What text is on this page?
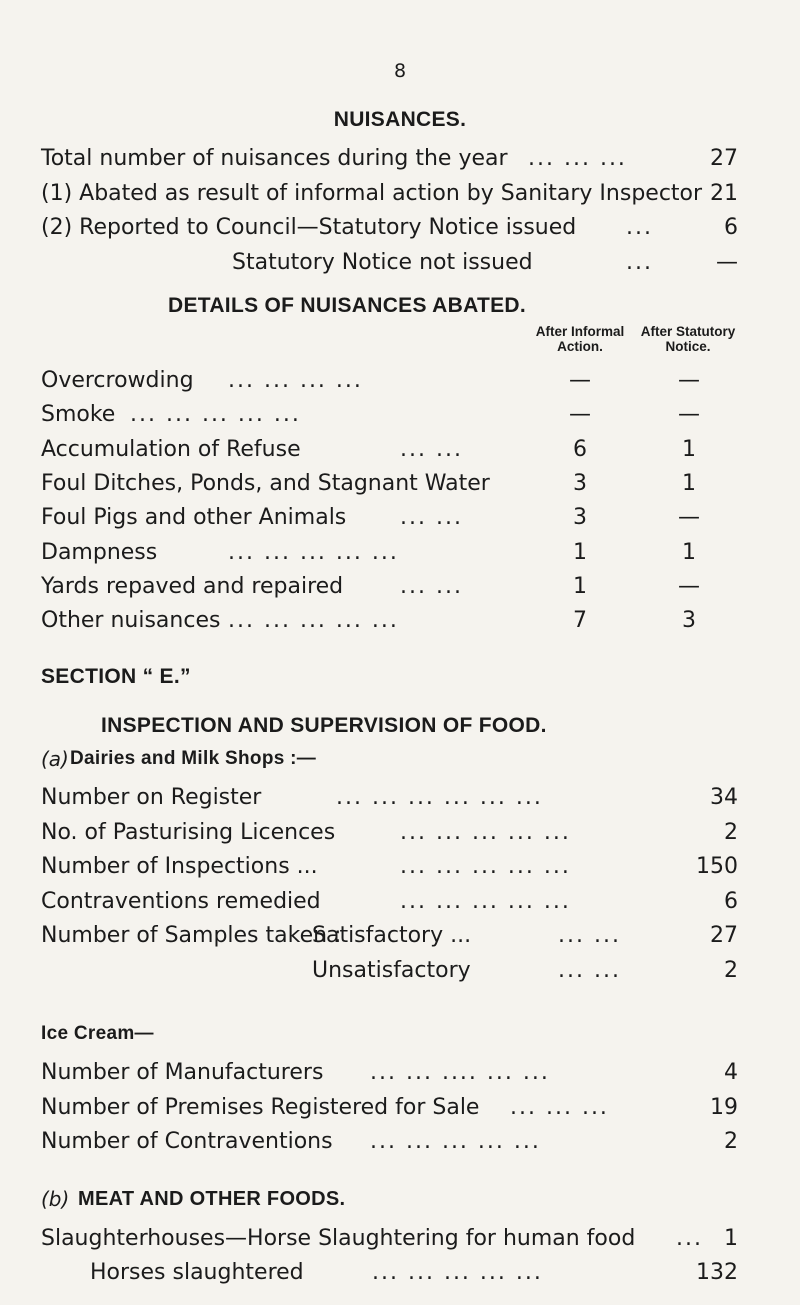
8
NUISANCES.
Total number of nuisances during the year ... ... ...	27
(1) Abated as result of informal action by Sanitary Inspector 21
(2) Reported to Council—Statutory Notice issued ...	6
Statutory Notice not issued	...	—
DETAILS OF NUISANCES ABATED.
After Informal
Action.
After Statutory
Notice.
Overcrowding ... ... ... ...	—	—
Smoke ... ... ... ... ...	—	—
Accumulation of Refuse	... ...	6	1
Foul Ditches, Ponds, and Stagnant Water	3	1
Foul Pigs and other Animals ... ...	3	—
Dampness	... ... ... ... ...	1	1
Yards repaved and repaired	... ...	1	—
Other nuisances ... ... ... ... ...	7	3
SECTION “ E.”
INSPECTION AND SUPERVISION OF FOOD.
(a) Dairies and Milk Shops :—
Number on Register	... ... ... ... ... ...	34
No. of Pasturising Licences	... ... ... ... ...	2
Number of Inspections ...	... ... ... ... ...	150
Contraventions remedied	... ... ... ... ...	6
Number of Samples taken :
Satisfactory ...	... ...	27
Unsatisfactory	... ...	2
Ice Cream—
Number of Manufacturers ... ... .... ... ...	4
Number of Premises Registered for Sale ... ... ...	19
Number of Contraventions ... ... ... ... ...	2
(b) MEAT AND OTHER FOODS.
Slaughterhouses—Horse Slaughtering for human food ... 1
Horses slaughtered	... ... ... ... ...	132
